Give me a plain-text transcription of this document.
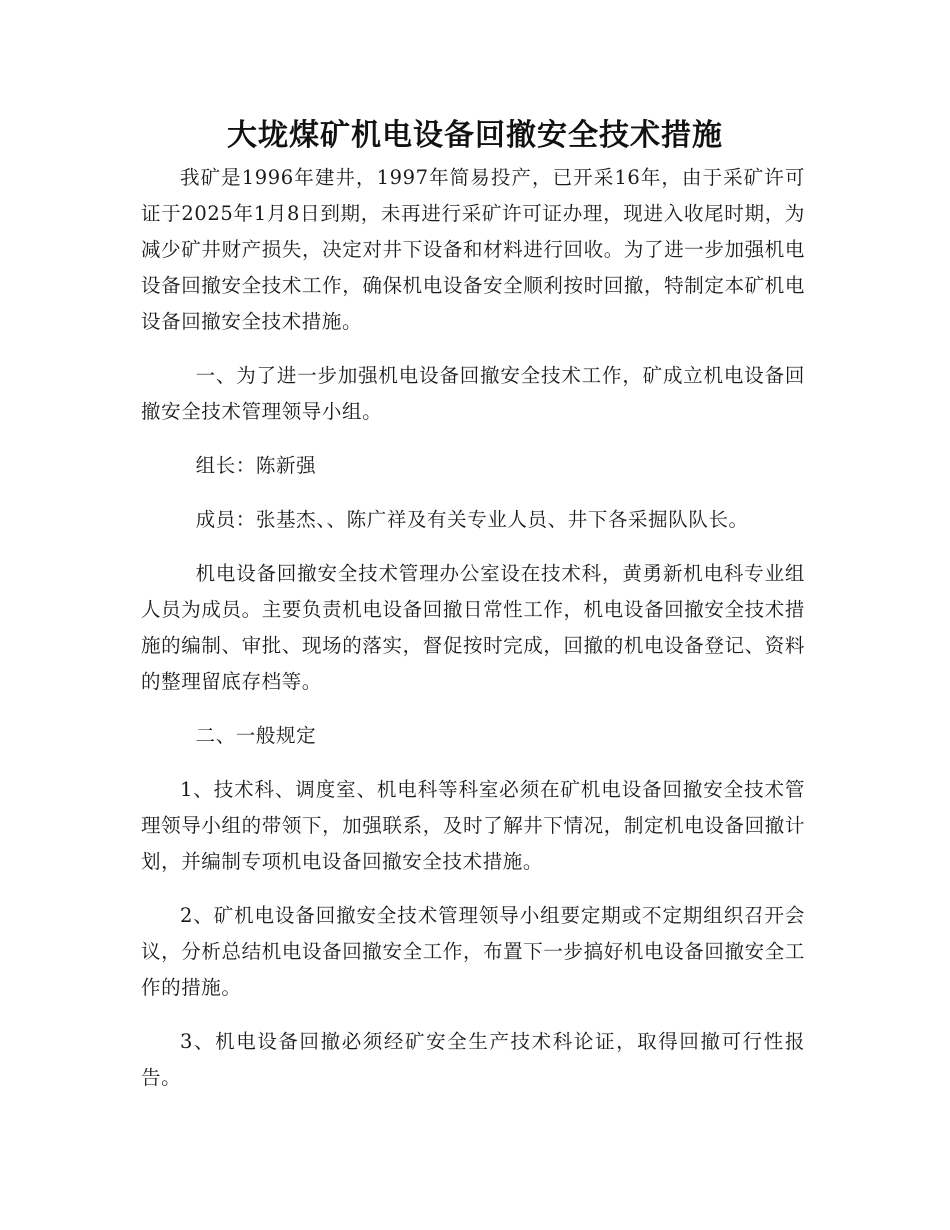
大垅煤矿机电设备回撤安全技术措施

我矿是1996年建井，1997年简易投产，已开采16年，由于采矿许可证于2025年1月8日到期，未再进行采矿许可证办理，现进入收尾时期，为减少矿井财产损失，决定对井下设备和材料进行回收。为了进一步加强机电设备回撤安全技术工作，确保机电设备安全顺利按时回撤，特制定本矿机电设备回撤安全技术措施。

一、为了进一步加强机电设备回撤安全技术工作，矿成立机电设备回撤安全技术管理领导小组。

组长：陈新强

成员：张基杰、、陈广祥及有关专业人员、井下各采掘队队长。

机电设备回撤安全技术管理办公室设在技术科，黄勇新机电科专业组人员为成员。主要负责机电设备回撤日常性工作，机电设备回撤安全技术措施的编制、审批、现场的落实，督促按时完成，回撤的机电设备登记、资料的整理留底存档等。

二、一般规定

1、技术科、调度室、机电科等科室必须在矿机电设备回撤安全技术管理领导小组的带领下，加强联系，及时了解井下情况，制定机电设备回撤计划，并编制专项机电设备回撤安全技术措施。

2、矿机电设备回撤安全技术管理领导小组要定期或不定期组织召开会议，分析总结机电设备回撤安全工作，布置下一步搞好机电设备回撤安全工作的措施。

3、机电设备回撤必须经矿安全生产技术科论证，取得回撤可行性报告。
